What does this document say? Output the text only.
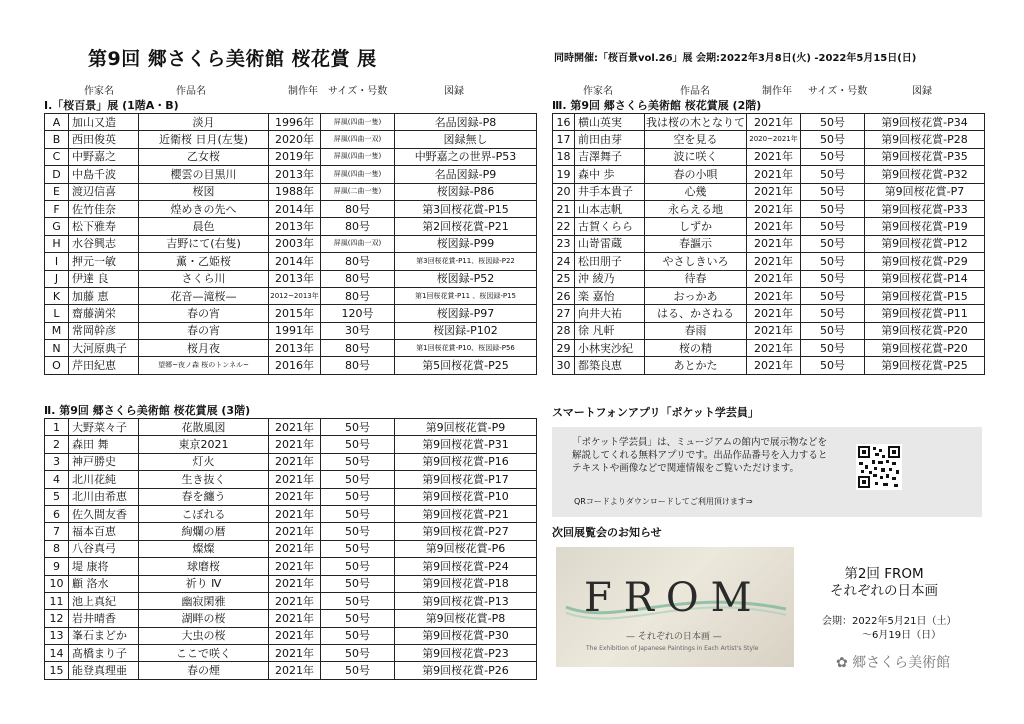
第9回 郷さくら美術館 桜花賞 展	同時開催:「桜百景vol.26」展 会期:2022年3月8日(火) -2022年5月15日(日)
作家名	作品名	制作年 サイズ・号数	図録	作家名	作品名	制作年 サイズ・号数	図録
Ⅰ.「桜百景」展 (1階A・B)
A	加山又造	淡月	1996年	屏風(四曲一隻)	名品図録-P8
B	西田俊英	近衛桜 日月(左隻)	2020年	屏風(四曲一双)	図録無し
C	中野嘉之	乙女桜	2019年	屏風(四曲一隻)	中野嘉之の世界-P53
D	中島千波	櫻雲の目黒川	2013年	屏風(四曲一隻)	名品図録-P9
E	渡辺信喜	桜図	1988年	屏風(二曲一隻)	桜図録-P86
F	佐竹佳奈	煌めきの先へ	2014年	80号	第3回桜花賞-P15
G	松下雅寿	晨色	2013年	80号	第2回桜花賞-P21
H	水谷興志	吉野にて(右隻)	2003年	屏風(四曲一双)	桜図録-P99
I	押元一敏	薫・乙姫桜	2014年	80号	第3回桜花賞-P11、桜図録-P22
J	伊達 良	さくら川	2013年	80号	桜図録-P52
K	加藤 恵	花音—滝桜—	2012~2013年	80号	第1回桜花賞-P11 、桜図録-P15
L	齋藤満栄	春の宵	2015年	120号	桜図録-P97
M	常岡幹彦	春の宵	1991年	30号	桜図録-P102
N	大河原典子	桜月夜	2013年	80号	第1回桜花賞-P10、桜図録-P56
O	芹田紀恵	望郷~夜ノ森 桜のトンネル~	2016年	80号	第5回桜花賞-P25
Ⅱ. 第9回 郷さくら美術館 桜花賞展 (3階)
1	大野菜々子	花散風図	2021年	50号	第9回桜花賞-P9
2	森田 舞	東京2021	2021年	50号	第9回桜花賞-P31
3	神戸勝史	灯火	2021年	50号	第9回桜花賞-P16
4	北川花純	生き抜く	2021年	50号	第9回桜花賞-P17
5	北川由希恵	春を纏う	2021年	50号	第9回桜花賞-P10
6	佐久間友香	こぼれる	2021年	50号	第9回桜花賞-P21
7	福本百恵	絢爛の暦	2021年	50号	第9回桜花賞-P27
8	八谷真弓	燦燦	2021年	50号	第9回桜花賞-P6
9	堤 康将	球磨桜	2021年	50号	第9回桜花賞-P24
10	顧 洛水	祈り Ⅳ	2021年	50号	第9回桜花賞-P18
11	池上真紀	幽寂閑雅	2021年	50号	第9回桜花賞-P13
12	岩井晴香	湖畔の桜	2021年	50号	第9回桜花賞-P8
13	峯石まどか	大虫の桜	2021年	50号	第9回桜花賞-P30
14	髙橋まり子	ここで咲く	2021年	50号	第9回桜花賞-P23
15	能登真理亜	春の煙	2021年	50号	第9回桜花賞-P26
Ⅲ. 第9回 郷さくら美術館 桜花賞展 (2階)
16	横山英実	我は桜の木となりて	2021年	50号	第9回桜花賞-P34
17	前田由芽	空を見る	2020~2021年	50号	第9回桜花賞-P28
18	吉澤舞子	波に咲く	2021年	50号	第9回桜花賞-P35
19	森中 歩	春の小唄	2021年	50号	第9回桜花賞-P32
20	井手本貴子	心幾	2021年	50号	第9回桜花賞-P7
21	山本志帆	永らえる地	2021年	50号	第9回桜花賞-P33
22	古賀くらら	しずか	2021年	50号	第9回桜花賞-P19
23	山嵜雷蔵	春謳示	2021年	50号	第9回桜花賞-P12
24	松田朋子	やさしきいろ	2021年	50号	第9回桜花賞-P29
25	沖 綾乃	待春	2021年	50号	第9回桜花賞-P14
26	楽 嘉怡	おっかあ	2021年	50号	第9回桜花賞-P15
27	向井大祐	はる、かさねる	2021年	50号	第9回桜花賞-P11
28	徐 凡軒	春雨	2021年	50号	第9回桜花賞-P20
29	小林実沙紀	桜の精	2021年	50号	第9回桜花賞-P20
30	都築良恵	あとかた	2021年	50号	第9回桜花賞-P25
スマートフォンアプリ「ポケット学芸員」
「ポケット学芸員」は、ミュージアムの館内で展示物などを解説してくれる無料アプリです。出品作品番号を入力するとテキストや画像などで関連情報をご覧いただけます。
QRコードよりダウンロードしてご利用頂けます⇒
次回展覧会のお知らせ
FROM
— それぞれの日本画 —
The Exhibition of Japanese Paintings in Each Artist's Style
第2回 FROM
それぞれの日本画
会期：2022年5月21日（土）
～6月19日（日）
✿ 郷さくら美術館
